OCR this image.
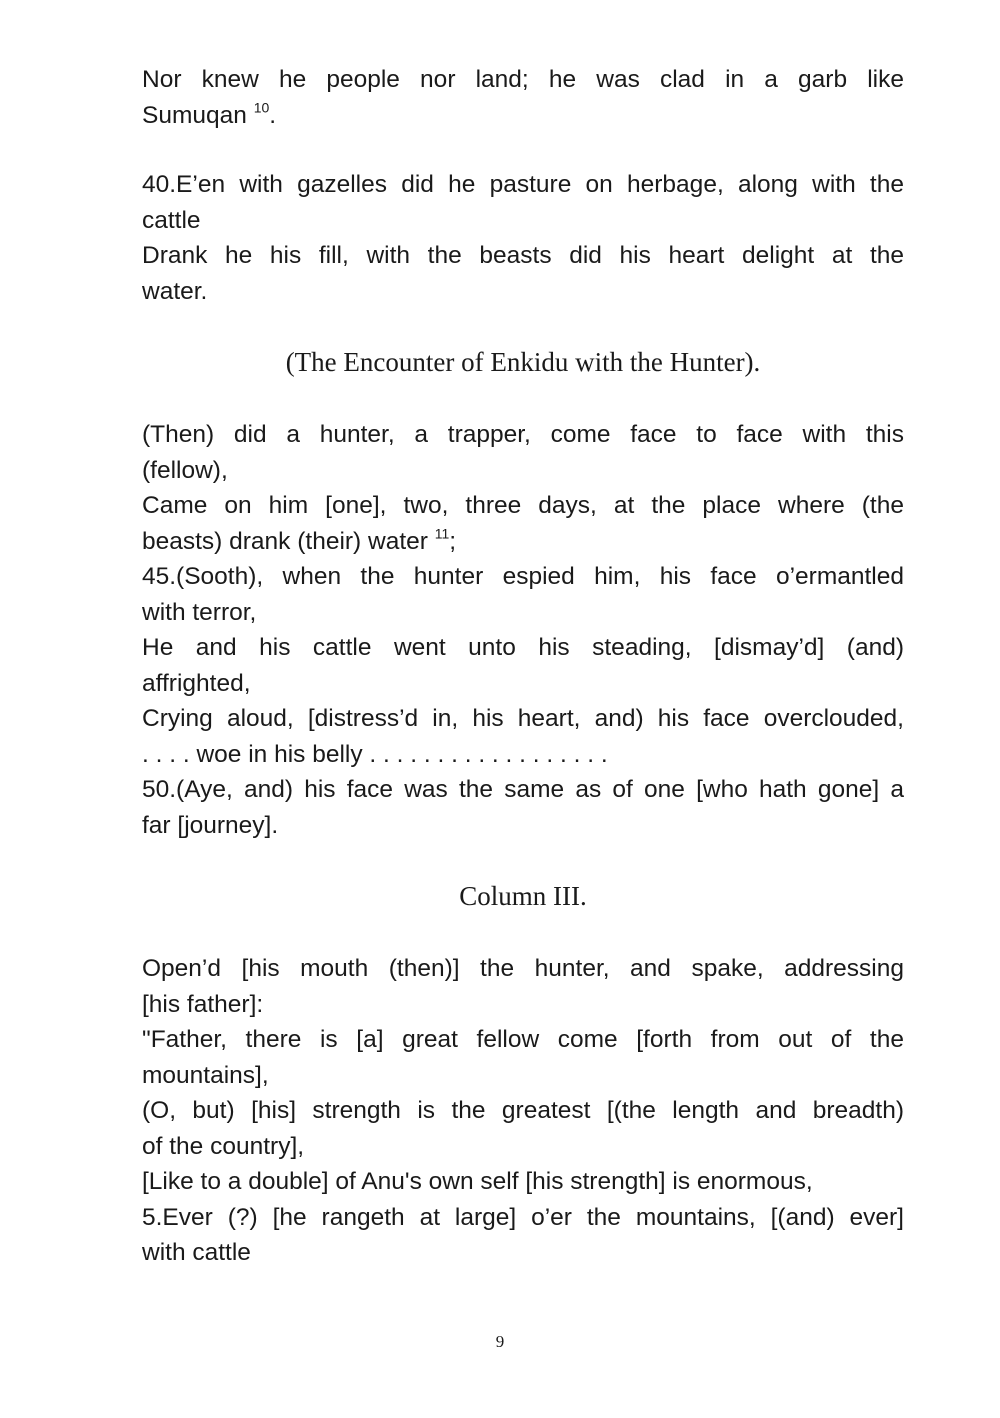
Nor knew he people nor land; he was clad in a garb like
Sumuqan $^{10}$.

40.E’en with gazelles did he pasture on herbage, along with the
cattle
Drank he his fill, with the beasts did his heart delight at the
water.

(The Encounter of Enkidu with the Hunter).

(Then) did a hunter, a trapper, come face to face with this
(fellow),
Came on him [one], two, three days, at the place where (the
beasts) drank (their) water $^{11}$;
45.(Sooth), when the hunter espied him, his face o’ermantled
with terror,
He and his cattle went unto his steading, [dismay’d] (and)
affrighted,
Crying aloud, [distress’d in, his heart, and) his face overclouded,
. . . . woe in his belly . . . . . . . . . . . . . . . . . .
50.(Aye, and) his face was the same as of one [who hath gone] a
far [journey].

Column III.

Open’d [his mouth (then)] the hunter, and spake, addressing
[his father]:
"Father, there is [a] great fellow come [forth from out of the
mountains],
(O, but) [his] strength is the greatest [(the length and breadth)
of the country],
[Like to a double] of Anu's own self [his strength] is enormous,
5.Ever (?) [he rangeth at large] o’er the mountains, [(and) ever]
with cattle

9
